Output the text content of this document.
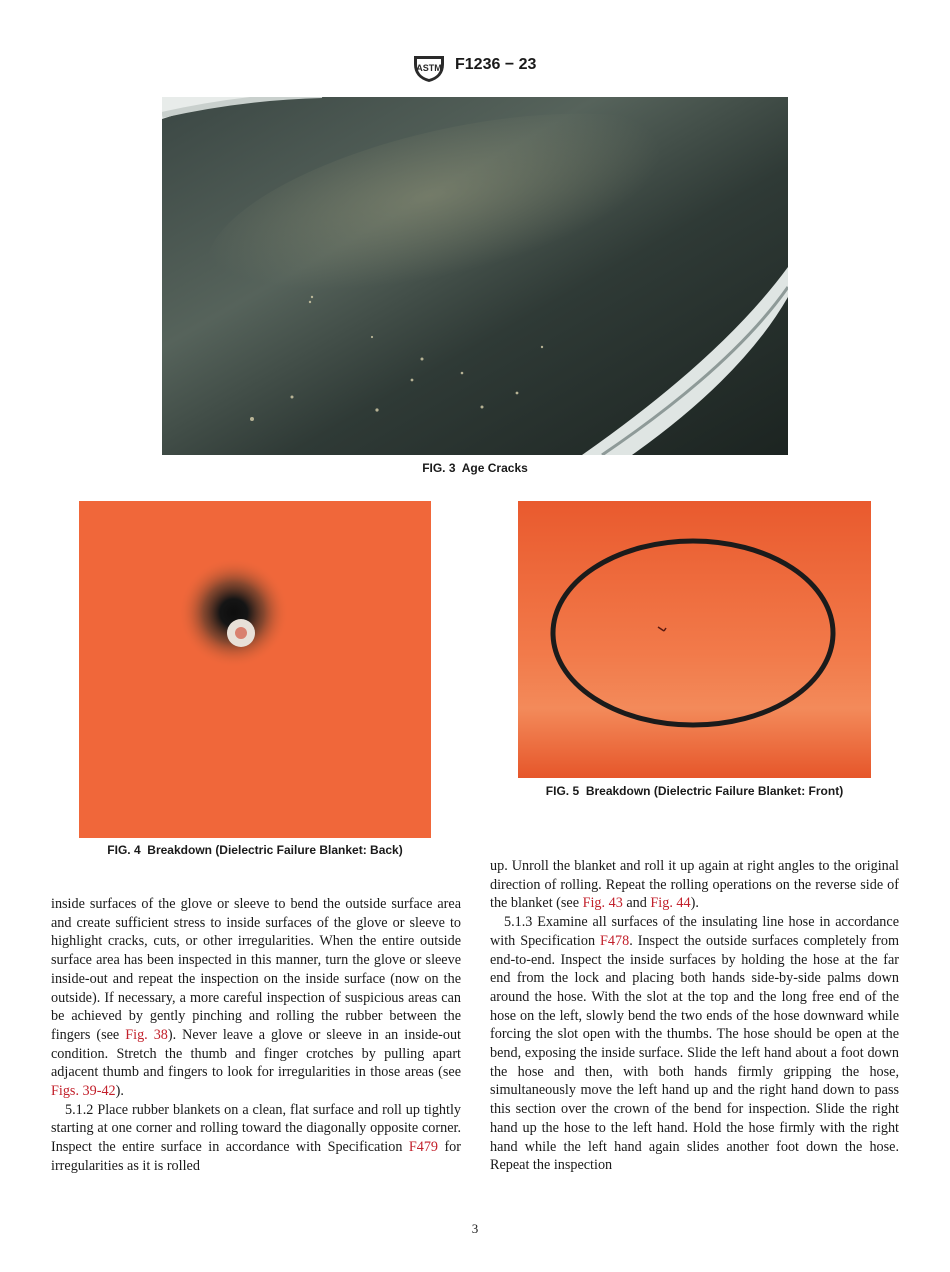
ASTM F1236 − 23
FIG. 3 Age Cracks
FIG. 4 Breakdown (Dielectric Failure Blanket: Back)
FIG. 5 Breakdown (Dielectric Failure Blanket: Front)

inside surfaces of the glove or sleeve to bend the outside surface area and create sufficient stress to inside surfaces of the glove or sleeve to highlight cracks, cuts, or other irregularities. When the entire outside surface area has been inspected in this manner, turn the glove or sleeve inside-out and repeat the inspection on the inside surface (now on the outside). If necessary, a more careful inspection of suspicious areas can be achieved by gently pinching and rolling the rubber between the fingers (see Fig. 38). Never leave a glove or sleeve in an inside-out condition. Stretch the thumb and finger crotches by pulling apart adjacent thumb and fingers to look for irregularities in those areas (see Figs. 39-42).

5.1.2 Place rubber blankets on a clean, flat surface and roll up tightly starting at one corner and rolling toward the diagonally opposite corner. Inspect the entire surface in accordance with Specification F479 for irregularities as it is rolled

up. Unroll the blanket and roll it up again at right angles to the original direction of rolling. Repeat the rolling operations on the reverse side of the blanket (see Fig. 43 and Fig. 44).

5.1.3 Examine all surfaces of the insulating line hose in accordance with Specification F478. Inspect the outside surfaces completely from end-to-end. Inspect the inside surfaces by holding the hose at the far end from the lock and placing both hands side-by-side palms down around the hose. With the slot at the top and the long free end of the hose on the left, slowly bend the two ends of the hose downward while forcing the slot open with the thumbs. The hose should be open at the bend, exposing the inside surface. Slide the left hand about a foot down the hose and then, with both hands firmly gripping the hose, simultaneously move the left hand up and the right hand down to pass this section over the crown of the bend for inspection. Slide the right hand up the hose to the left hand. Hold the hose firmly with the right hand while the left hand again slides another foot down the hose. Repeat the inspection

3
